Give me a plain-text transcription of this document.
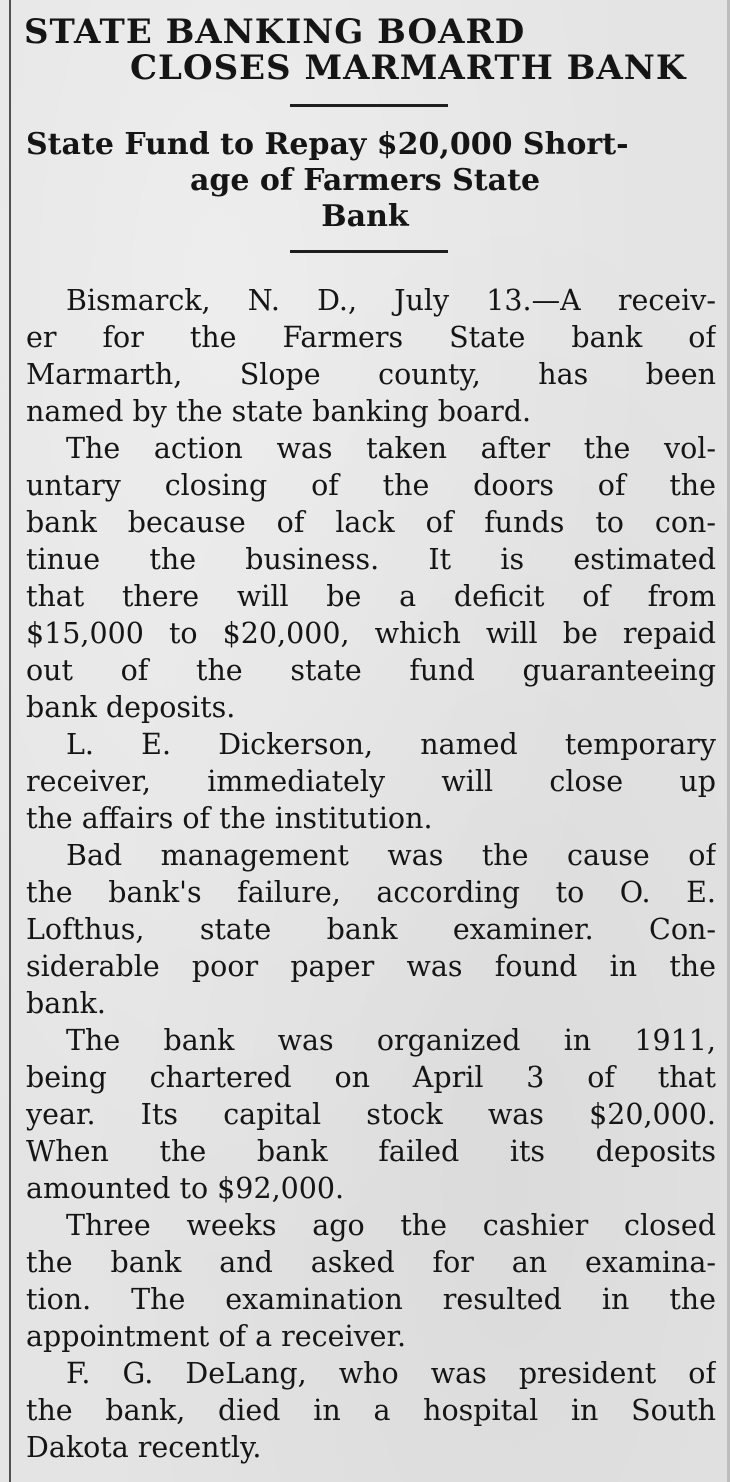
STATE BANKING BOARD
CLOSES MARMARTH BANK
State Fund to Repay $20,000 Short-
age of Farmers State
Bank
Bismarck, N. D., July 13.—A receiv-
er for the Farmers State bank of
Marmarth, Slope county, has been
named by the state banking board.
The action was taken after the vol-
untary closing of the doors of the
bank because of lack of funds to con-
tinue the business. It is estimated
that there will be a deficit of from
$15,000 to $20,000, which will be repaid
out of the state fund guaranteeing
bank deposits.
L. E. Dickerson, named temporary
receiver, immediately will close up
the affairs of the institution.
Bad management was the cause of
the bank's failure, according to O. E.
Lofthus, state bank examiner. Con-
siderable poor paper was found in the
bank.
The bank was organized in 1911,
being chartered on April 3 of that
year. Its capital stock was $20,000.
When the bank failed its deposits
amounted to $92,000.
Three weeks ago the cashier closed
the bank and asked for an examina-
tion. The examination resulted in the
appointment of a receiver.
F. G. DeLang, who was president of
the bank, died in a hospital in South
Dakota recently.
